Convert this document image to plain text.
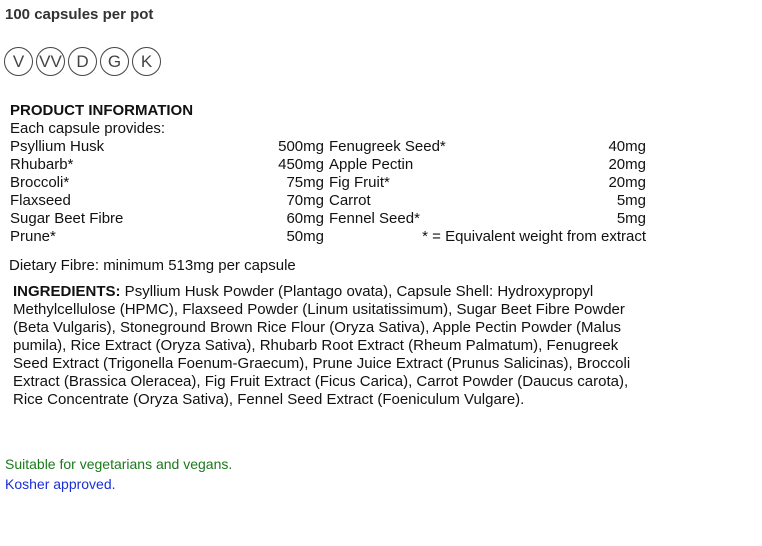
100 capsules per pot
V VV D	G	K
PRODUCT INFORMATION
Each capsule provides:
Psyllium Husk	500mg Fenugreek Seed*	40mg
Rhubarb*	450mg Apple Pectin	20mg
Broccoli*	75mg Fig Fruit*	20mg
Flaxseed	70mg Carrot	5mg
Sugar Beet Fibre	60mg Fennel Seed*	5mg
Prune*	50mg	* = Equivalent weight from extract
Dietary Fibre: minimum 513mg per capsule
INGREDIENTS: Psyllium Husk Powder (Plantago ovata), Capsule Shell: Hydroxypropyl Methylcellulose (HPMC), Flaxseed Powder (Linum usitatissimum), Sugar Beet Fibre Powder (Beta Vulgaris), Stoneground Brown Rice Flour (Oryza Sativa), Apple Pectin Powder (Malus pumila), Rice Extract (Oryza Sativa), Rhubarb Root Extract (Rheum Palmatum), Fenugreek Seed Extract (Trigonella Foenum-Graecum), Prune Juice Extract (Prunus Salicinas), Broccoli Extract (Brassica Oleracea), Fig Fruit Extract (Ficus Carica), Carrot Powder (Daucus carota), Rice Concentrate (Oryza Sativa), Fennel Seed Extract (Foeniculum Vulgare).
Suitable for vegetarians and vegans.
Kosher approved.
